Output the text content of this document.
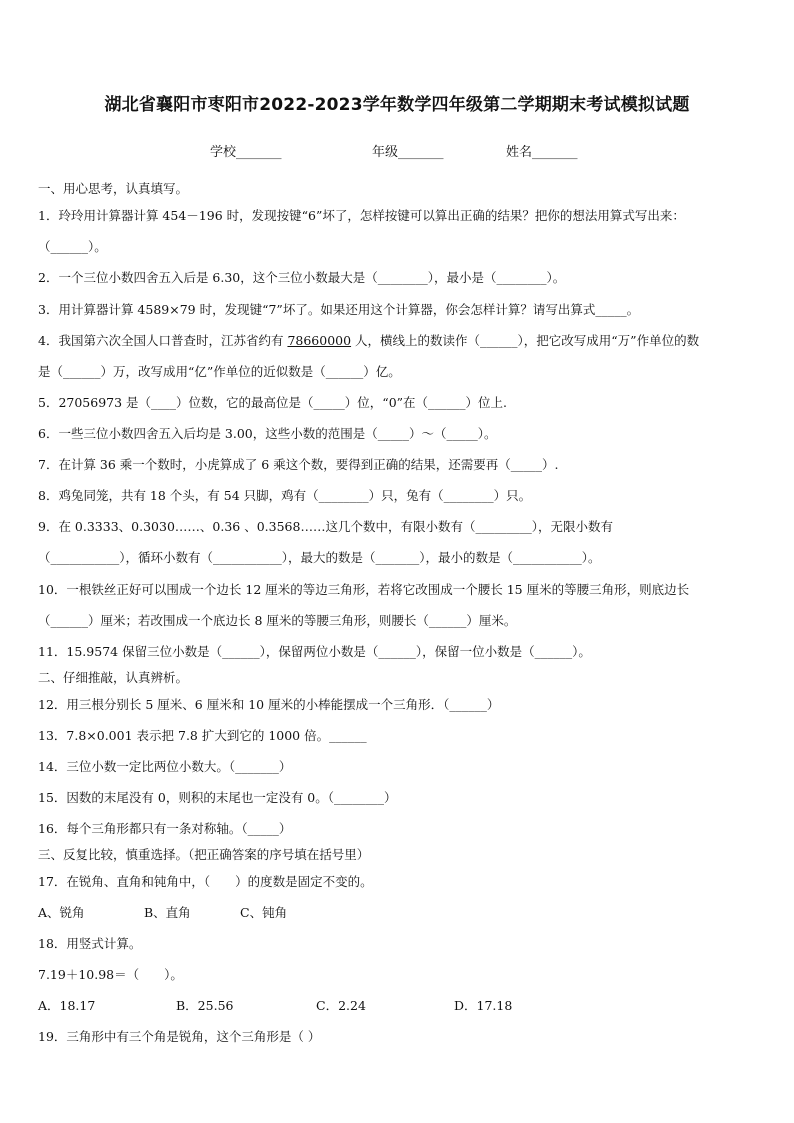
湖北省襄阳市枣阳市2022-2023学年数学四年级第二学期期末考试模拟试题
学校_______	年级_______	姓名_______

一、用心思考，认真填写。

1．玲玲用计算器计算 454－196 时，发现按键“6”坏了，怎样按键可以算出正确的结果？把你的想法用算式写出来：

（______）。

2．一个三位小数四舍五入后是 6.30，这个三位小数最大是（________），最小是（________）。

3．用计算器计算 4589×79 时，发现键“7”坏了。如果还用这个计算器，你会怎样计算？请写出算式_____。

4．我国第六次全国人口普查时，江苏省约有 78660000 人，横线上的数读作（______），把它改写成用“万”作单位的数

是（______）万，改写成用“亿”作单位的近似数是（______）亿。

5．27056973 是（____）位数，它的最高位是（_____）位，“0”在（______）位上.

6．一些三位小数四舍五入后均是 3.00，这些小数的范围是（_____）～（_____）。

7．在计算 36 乘一个数时，小虎算成了 6 乘这个数，要得到正确的结果，还需要再（_____）.

8．鸡兔同笼，共有 18 个头，有 54 只脚，鸡有（________）只，兔有（________）只。

9．在 0.3333、0.3030……、0.36 、0.3568……这几个数中，有限小数有（_________），无限小数有

（___________），循环小数有（___________），最大的数是（_______），最小的数是（___________）。

10．一根铁丝正好可以围成一个边长 12 厘米的等边三角形，若将它改围成一个腰长 15 厘米的等腰三角形，则底边长

（______）厘米；若改围成一个底边长 8 厘米的等腰三角形，则腰长（______）厘米。

11．15.9574 保留三位小数是（______），保留两位小数是（______），保留一位小数是（______）。

二、仔细推敲，认真辨析。

12．用三根分别长 5 厘米、6 厘米和 10 厘米的小棒能摆成一个三角形．（______）

13．7.8×0.001 表示把 7.8 扩大到它的 1000 倍。______

14．三位小数一定比两位小数大。（_______）

15．因数的末尾没有 0，则积的末尾也一定没有 0。（________）

16．每个三角形都只有一条对称轴。（_____）

三、反复比较，慎重选择。（把正确答案的序号填在括号里）

17．在锐角、直角和钝角中，（　　）的度数是固定不变的。

A、锐角	B、直角	C、钝角

18．用竖式计算。

7.19＋10.98＝（　　）。

A．18.17	B．25.56	C．2.24	D．17.18

19．三角形中有三个角是锐角，这个三角形是（ ）
